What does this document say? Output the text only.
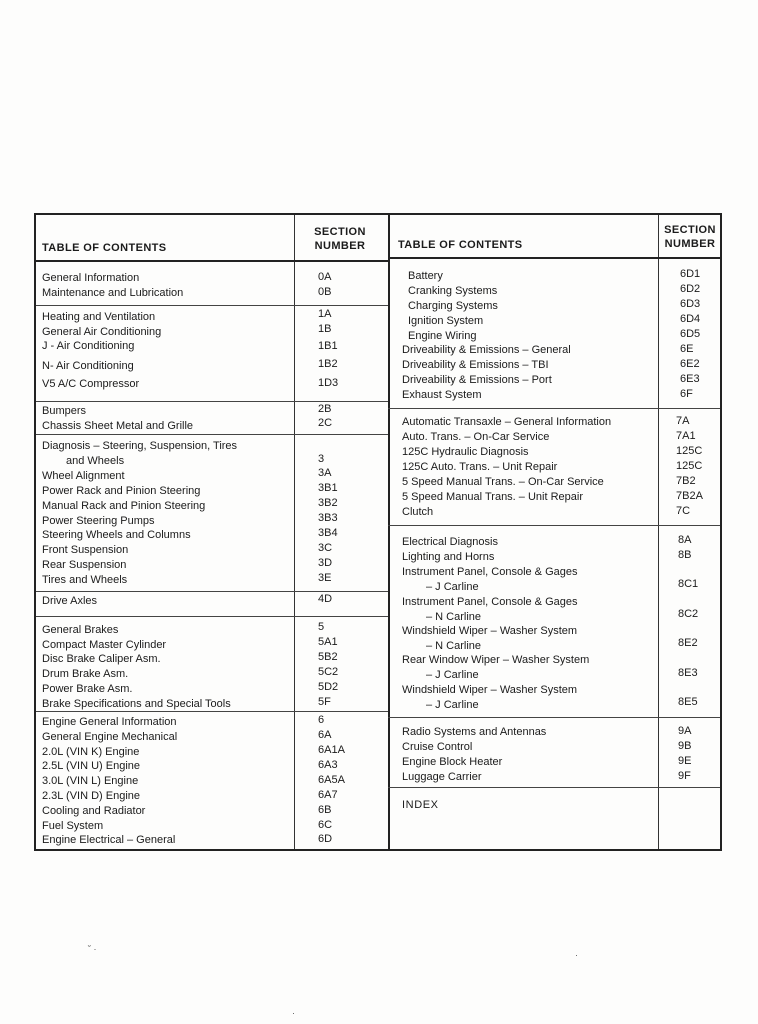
TABLE OF CONTENTS
SECTION
NUMBER
General Information	0A
Maintenance and Lubrication	0B
Heating and Ventilation	1A
General Air Conditioning	1B
J - Air Conditioning	1B1
N- Air Conditioning	1B2
V5 A/C Compressor	1D3
Bumpers	2B
Chassis Sheet Metal and Grille	2C
Diagnosis – Steering, Suspension, Tires
and Wheels	3
Wheel Alignment	3A
Power Rack and Pinion Steering	3B1
Manual Rack and Pinion Steering	3B2
Power Steering Pumps	3B3
Steering Wheels and Columns	3B4
Front Suspension	3C
Rear Suspension	3D
Tires and Wheels	3E
Drive Axles	4D
General Brakes	5
Compact Master Cylinder	5A1
Disc Brake Caliper Asm.	5B2
Drum Brake Asm.	5C2
Power Brake Asm.	5D2
Brake Specifications and Special Tools	5F
Engine General Information	6
General Engine Mechanical	6A
2.0L (VIN K) Engine	6A1A
2.5L (VIN U) Engine	6A3
3.0L (VIN L) Engine	6A5A
2.3L (VIN D) Engine	6A7
Cooling and Radiator	6B
Fuel System	6C
Engine Electrical – General	6D
TABLE OF CONTENTS
SECTION
NUMBER
Battery	6D1
Cranking Systems	6D2
Charging Systems	6D3
Ignition System	6D4
Engine Wiring	6D5
Driveability & Emissions – General	6E
Driveability & Emissions – TBI	6E2
Driveability & Emissions – Port	6E3
Exhaust System	6F
Automatic Transaxle – General Information	7A
Auto. Trans. – On-Car Service	7A1
125C Hydraulic Diagnosis	125C
125C Auto. Trans. – Unit Repair	125C
5 Speed Manual Trans. – On-Car Service	7B2
5 Speed Manual Trans. – Unit Repair	7B2A
Clutch	7C
Electrical Diagnosis	8A
Lighting and Horns	8B
Instrument Panel, Console & Gages
– J Carline	8C1
Instrument Panel, Console & Gages
– N Carline	8C2
Windshield Wiper – Washer System
– N Carline	8E2
Rear Window Wiper – Washer System
– J Carline	8E3
Windshield Wiper – Washer System
– J Carline	8E5
Radio Systems and Antennas	9A
Cruise Control	9B
Engine Block Heater	9E
Luggage Carrier	9F
INDEX
˘ ·
·
·
